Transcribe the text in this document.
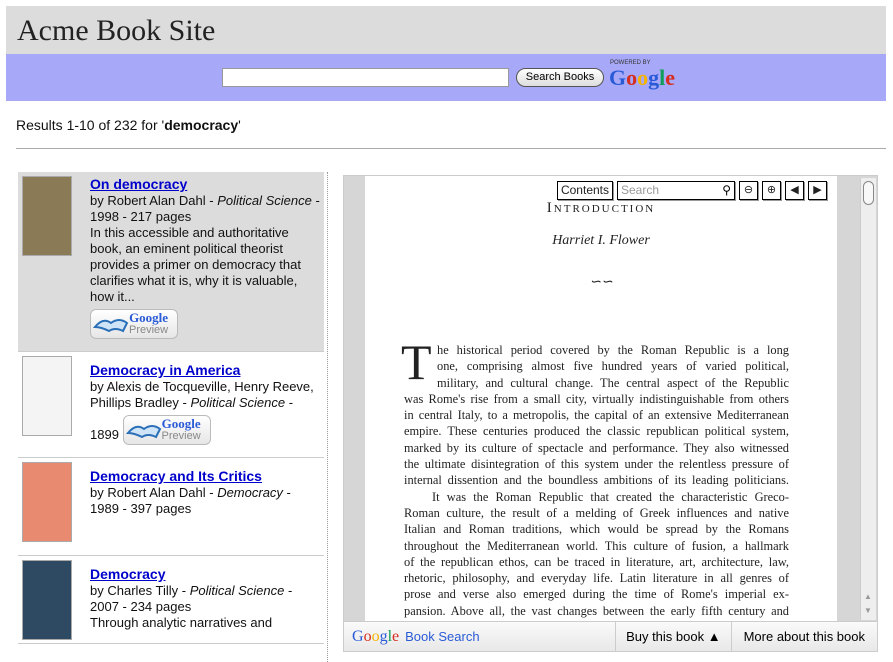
Acme Book Site
Search Books
POWERED BY
Google
Results 1-10 of 232 for 'democracy'
On democracy
by Robert Alan Dahl - Political Science - 1998 - 217 pages
In this accessible and authoritative book, an eminent political theorist provides a primer on democracy that clarifies what it is, why it is valuable, how it...
Google
Preview
Democracy in America
by Alexis de Tocqueville, Henry Reeve, Phillips Bradley - Political Science - 1899
Google
Preview
Democracy and Its Critics
by Robert Alan Dahl - Democracy - 1989 - 397 pages
Democracy
by Charles Tilly - Political Science - 2007 - 234 pages
Through analytic narratives and
Introduction
Harriet I. Flower
∽∽
T he historical period covered by the Roman Republic is a long
one, comprising almost five hundred years of varied political,
military, and cultural change. The central aspect of the Republic
was Rome's rise from a small city, virtually indistinguishable from others
in central Italy, to a metropolis, the capital of an extensive Mediterranean
empire. These centuries produced the classic republican political system,
marked by its culture of spectacle and performance. They also witnessed
the ultimate disintegration of this system under the relentless pressure of
internal dissention and the boundless ambitions of its leading politicians.
It was the Roman Republic that created the characteristic Greco-
Roman culture, the result of a melding of Greek influences and native
Italian and Roman traditions, which would be spread by the Romans
throughout the Mediterranean world. This culture of fusion, a hallmark
of the republican ethos, can be traced in literature, art, architecture, law,
rhetoric, philosophy, and everyday life. Latin literature in all genres of
prose and verse also emerged during the time of Rome's imperial ex-
pansion. Above all, the vast changes between the early fifth century and
Contents	Search	⚲	⊖	⊕	◀	▶
▲
▼
Google Book Search	Buy this book ▲	More about this book
